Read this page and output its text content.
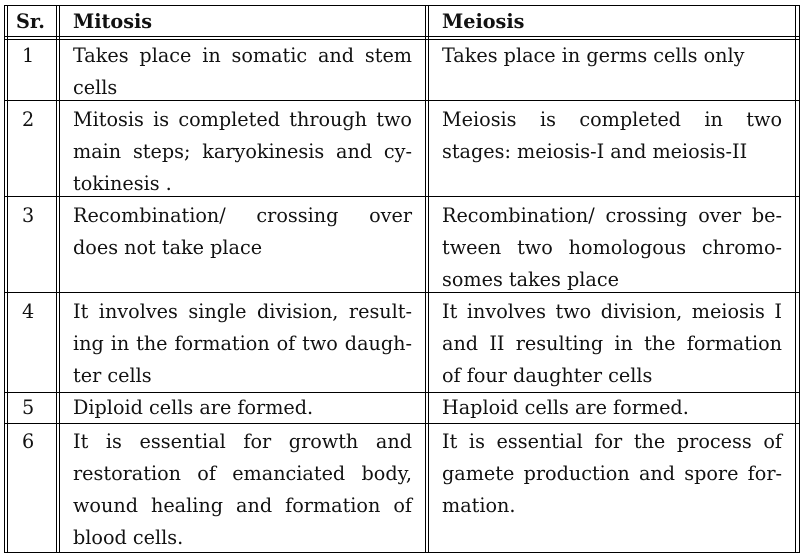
Sr. Mitosis	Meiosis
1 Takes place in somatic and stem
cells
Takes place in germs cells only
2 Mitosis is completed through two
main steps; karyokinesis and cy-
tokinesis .
Meiosis is completed in two
stages: meiosis-I and meiosis-II
3 Recombination/ crossing over
does not take place
Recombination/ crossing over be-
tween two homologous chromo-
somes takes place
4 It involves single division, result-
ing in the formation of two daugh-
ter cells
It involves two division, meiosis I
and II resulting in the formation
of four daughter cells
5 Diploid cells are formed.	Haploid cells are formed.
6 It is essential for growth and
restoration of emanciated body,
wound healing and formation of
blood cells.
It is essential for the process of
gamete production and spore for-
mation.
